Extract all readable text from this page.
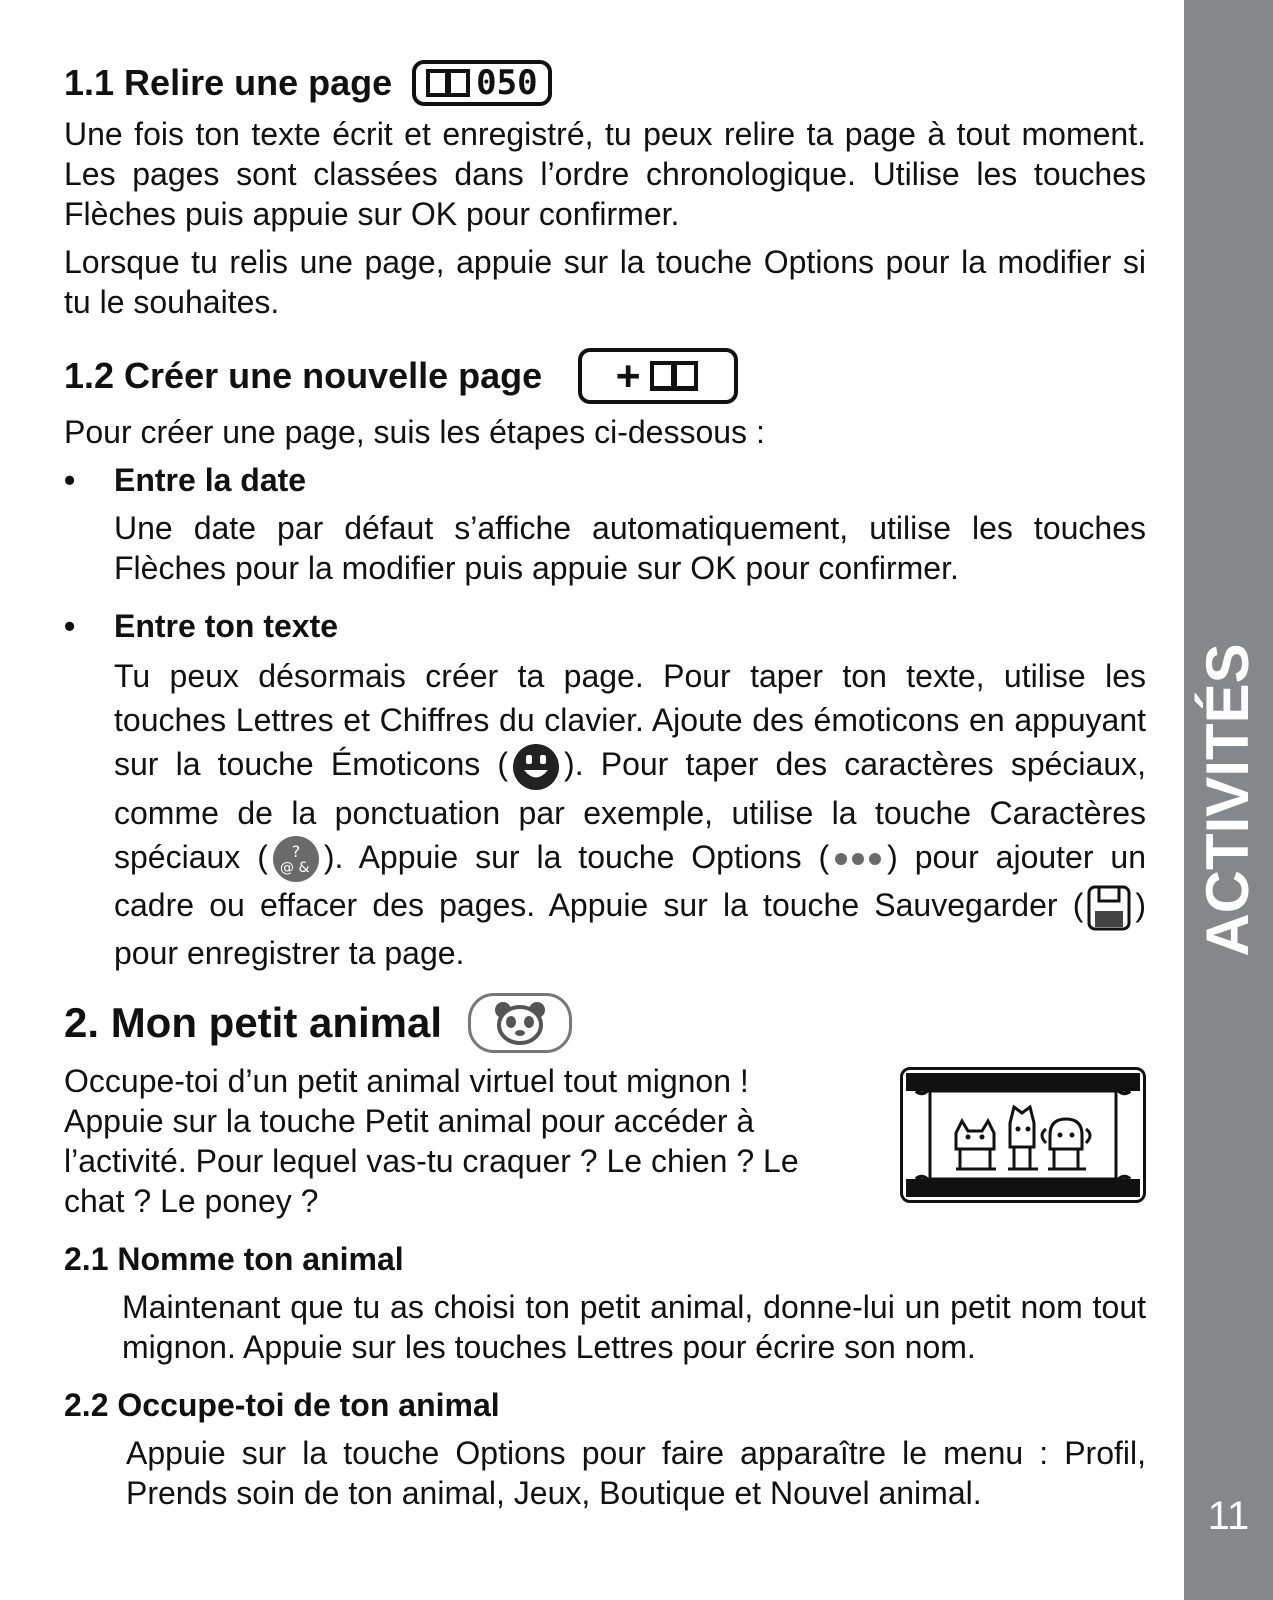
ACTIVITÉS
11
1.1 Relire une page 050

Une fois ton texte écrit et enregistré, tu peux relire ta page à tout moment. Les pages sont classées dans l’ordre chronologique. Utilise les touches Flèches puis appuie sur OK pour confirmer.

Lorsque tu relis une page, appuie sur la touche Options pour la modifier si tu le souhaites.

1.2 Créer une nouvelle page +

Pour créer une page, suis les étapes ci-dessous :

•	Entre la date

Une date par défaut s’affiche automatiquement, utilise les touches Flèches pour la modifier puis appuie sur OK pour confirmer.

•	Entre ton texte

Tu peux désormais créer ta page. Pour taper ton texte, utilise les touches Lettres et Chiffres du clavier. Ajoute des émoticons en appuyant sur la touche Émoticons ( ). Pour taper des caractères spéciaux, comme de la ponctuation par exemple, utilise la touche Caractères spéciaux ( ?
@ & ). Appuie sur la touche Options ( ) pour ajouter un cadre ou effacer des pages. Appuie sur la touche Sauvegarder ( ) pour enregistrer ta page.

2. Mon petit animal

Occupe-toi d’un petit animal virtuel tout mignon ! Appuie sur la touche Petit animal pour accéder à l’activité. Pour lequel vas-tu craquer ? Le chien ? Le chat ? Le poney ?

2.1 Nomme ton animal

Maintenant que tu as choisi ton petit animal, donne-lui un petit nom tout mignon. Appuie sur les touches Lettres pour écrire son nom.

2.2 Occupe-toi de ton animal

Appuie sur la touche Options pour faire apparaître le menu : Profil, Prends soin de ton animal, Jeux, Boutique et Nouvel animal.
